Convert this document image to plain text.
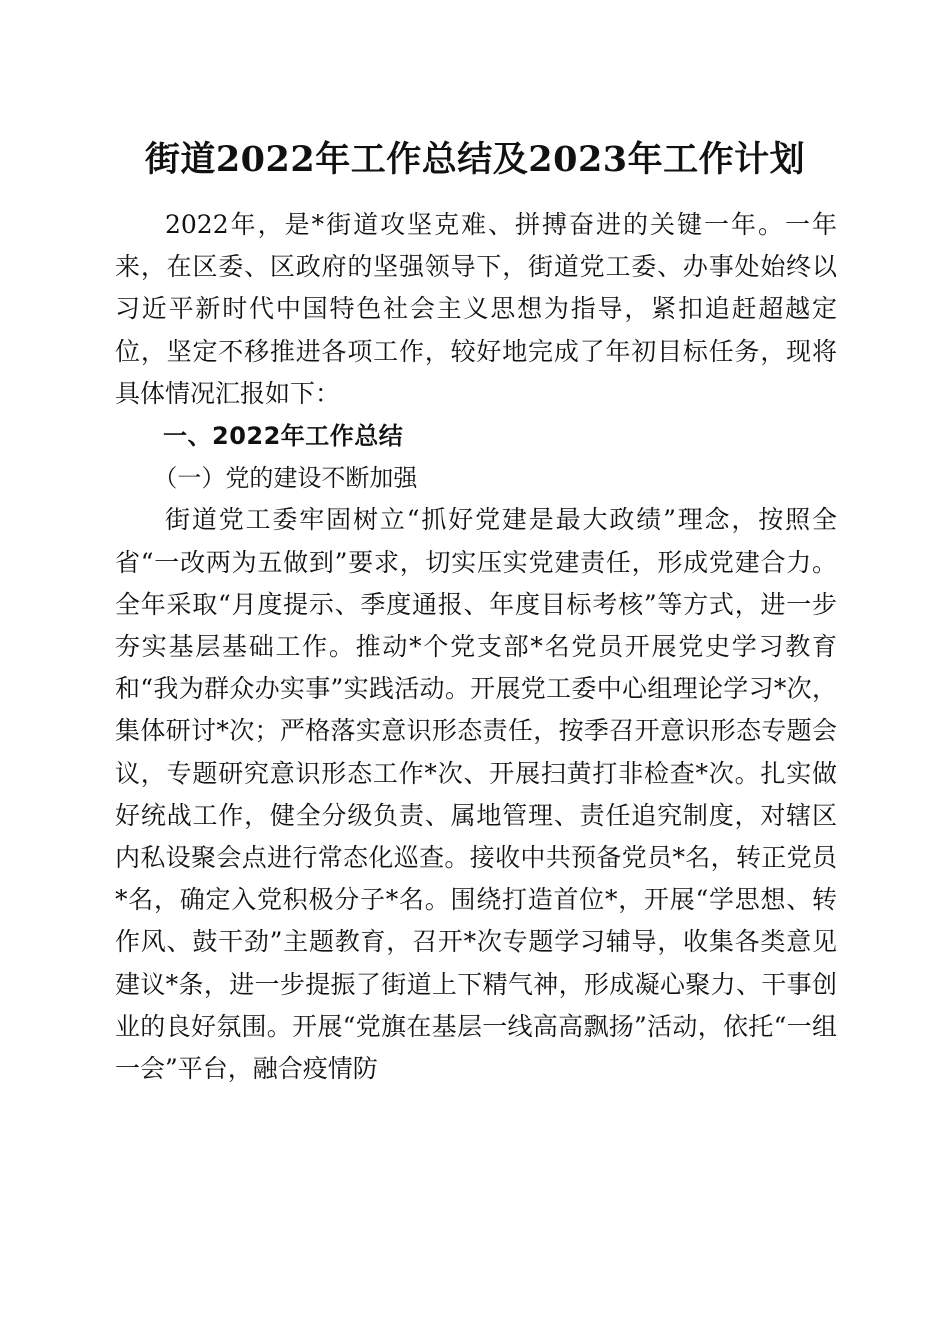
街道2022年工作总结及2023年工作计划

2022年，是*街道攻坚克难、拼搏奋进的关键一年。一年来，在区委、区政府的坚强领导下，街道党工委、办事处始终以习近平新时代中国特色社会主义思想为指导，紧扣追赶超越定位，坚定不移推进各项工作，较好地完成了年初目标任务，现将具体情况汇报如下：

一、2022年工作总结

（一）党的建设不断加强

街道党工委牢固树立“抓好党建是最大政绩”理念，按照全省“一改两为五做到”要求，切实压实党建责任，形成党建合力。全年采取“月度提示、季度通报、年度目标考核”等方式，进一步夯实基层基础工作。推动*个党支部*名党员开展党史学习教育和“我为群众办实事”实践活动。开展党工委中心组理论学习*次，集体研讨*次；严格落实意识形态责任，按季召开意识形态专题会议，专题研究意识形态工作*次、开展扫黄打非检查*次。扎实做好统战工作，健全分级负责、属地管理、责任追究制度，对辖区内私设聚会点进行常态化巡查。接收中共预备党员*名，转正党员*名，确定入党积极分子*名。围绕打造首位*，开展“学思想、转作风、鼓干劲”主题教育，召开*次专题学习辅导，收集各类意见建议*条，进一步提振了街道上下精气神，形成凝心聚力、干事创业的良好氛围。开展“党旗在基层一线高高飘扬”活动，依托“一组一会”平台，融合疫情防
